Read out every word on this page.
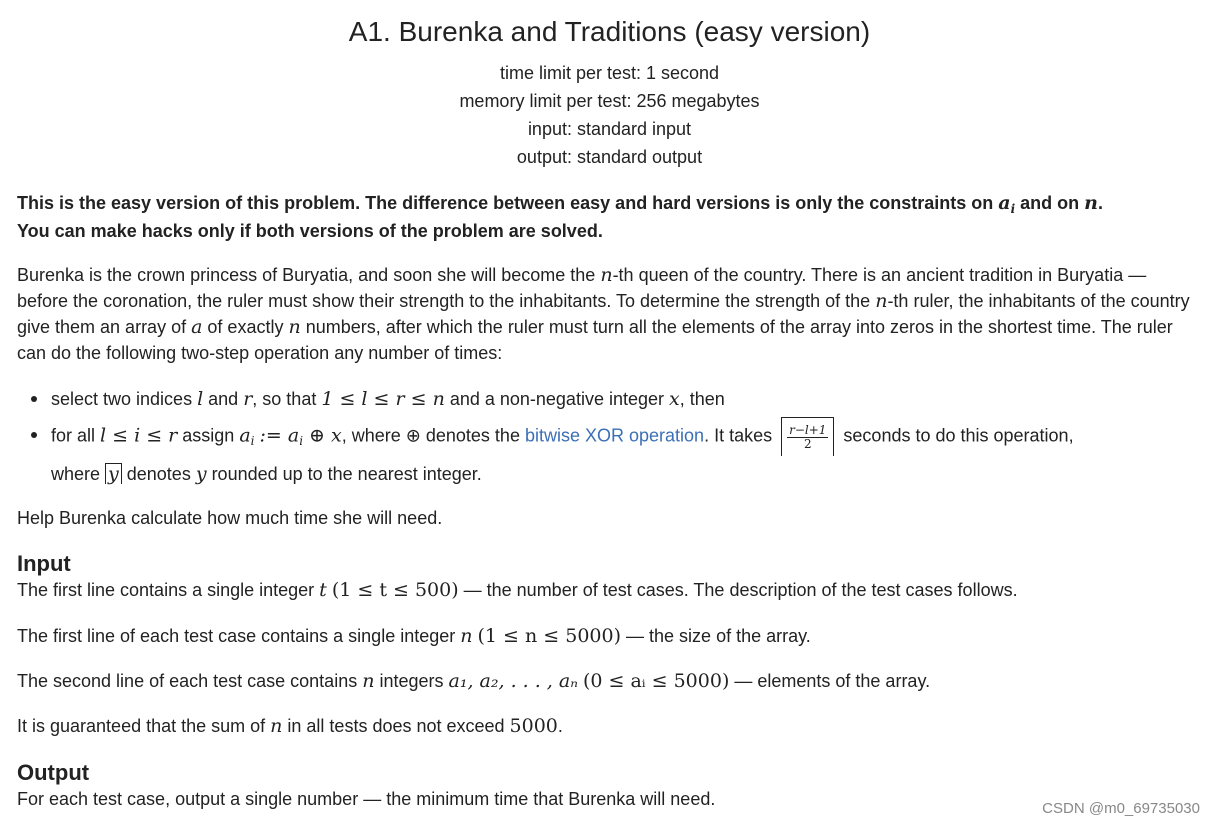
A1. Burenka and Traditions (easy version)
time limit per test: 1 second
memory limit per test: 256 megabytes
input: standard input
output: standard output
This is the easy version of this problem. The difference between easy and hard versions is only the constraints on $a_i$ and on n.
You can make hacks only if both versions of the problem are solved.
Burenka is the crown princess of Buryatia, and soon she will become the n-th queen of the country. There is an ancient tradition in Buryatia — before the coronation, the ruler must show their strength to the inhabitants. To determine the strength of the n-th ruler, the inhabitants of the country give them an array of a of exactly n numbers, after which the ruler must turn all the elements of the array into zeros in the shortest time. The ruler can do the following two-step operation any number of times:
select two indices l and r, so that 1 ≤ l ≤ r ≤ n and a non-negative integer x, then
for all l ≤ i ≤ r assign $a_i$ := $a_i$ ⊕ x, where ⊕ denotes the bitwise XOR operation. It takes $\frac{r-l+1}{2}$ seconds to do this operation,
where y denotes y rounded up to the nearest integer.
Help Burenka calculate how much time she will need.
Input
The first line contains a single integer t (1 ≤ t ≤ 500) — the number of test cases. The description of the test cases follows.
The first line of each test case contains a single integer n (1 ≤ n ≤ 5000) — the size of the array.
The second line of each test case contains n integers a₁, a₂, . . . , aₙ (0 ≤ aᵢ ≤ 5000) — elements of the array.
It is guaranteed that the sum of n in all tests does not exceed 5000.
Output
For each test case, output a single number — the minimum time that Burenka will need.	CSDN @m0_69735030
